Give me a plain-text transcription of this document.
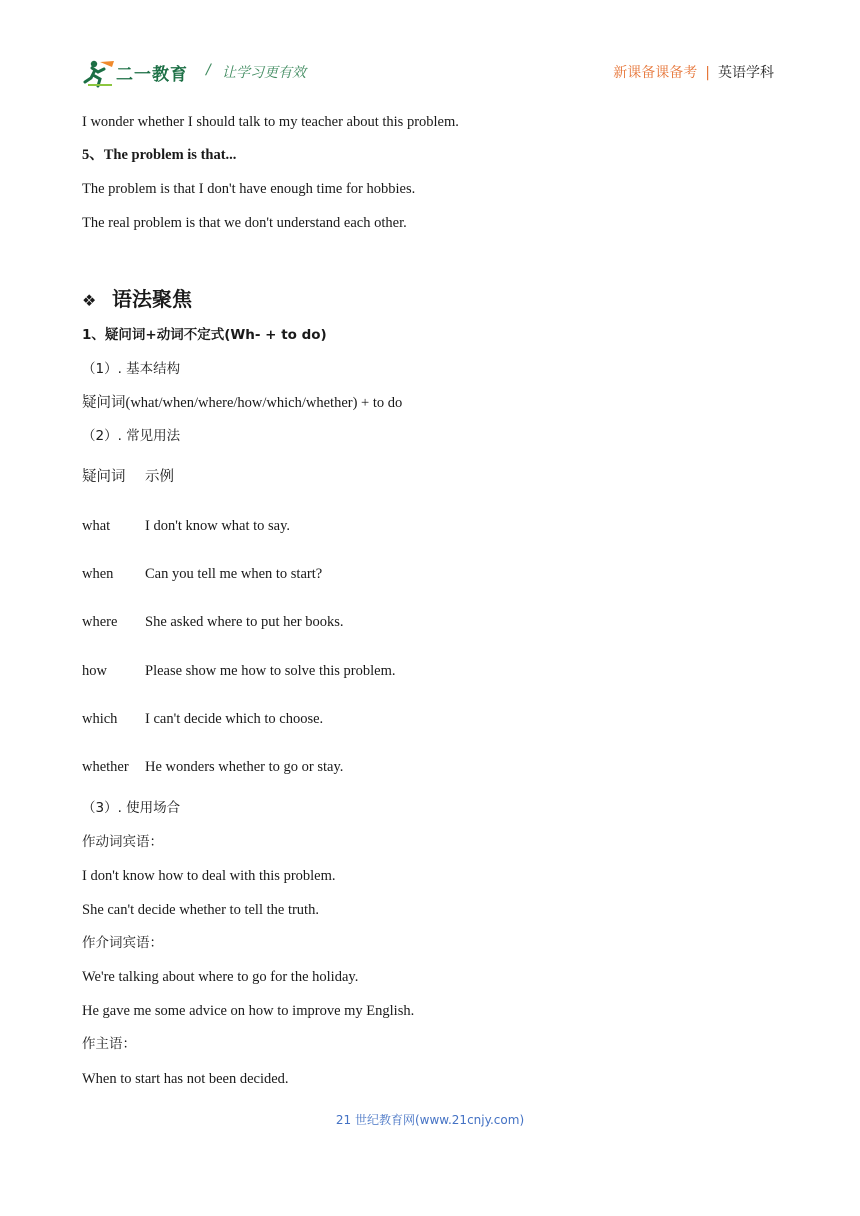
二一教育 / 让学习更有效	新课备课备考 | 英语学科
I wonder whether I should talk to my teacher about this problem.
5、The problem is that...
The problem is that I don't have enough time for hobbies.
The real problem is that we don't understand each other.
❖ 语法聚焦
1、疑问词+动词不定式(Wh- + to do)
（1）. 基本结构
疑问词(what/when/where/how/which/whether) + to do
（2）. 常见用法
疑问词 示例
what I don't know what to say.
when Can you tell me when to start?
where She asked where to put her books.
how	Please show me how to solve this problem.
which I can't decide which to choose.
whether He wonders whether to go or stay.
（3）. 使用场合
作动词宾语：
I don't know how to deal with this problem.
She can't decide whether to tell the truth.
作介词宾语：
We're talking about where to go for the holiday.
He gave me some advice on how to improve my English.
作主语：
When to start has not been decided.
21 世纪教育网(www.21cnjy.com)
